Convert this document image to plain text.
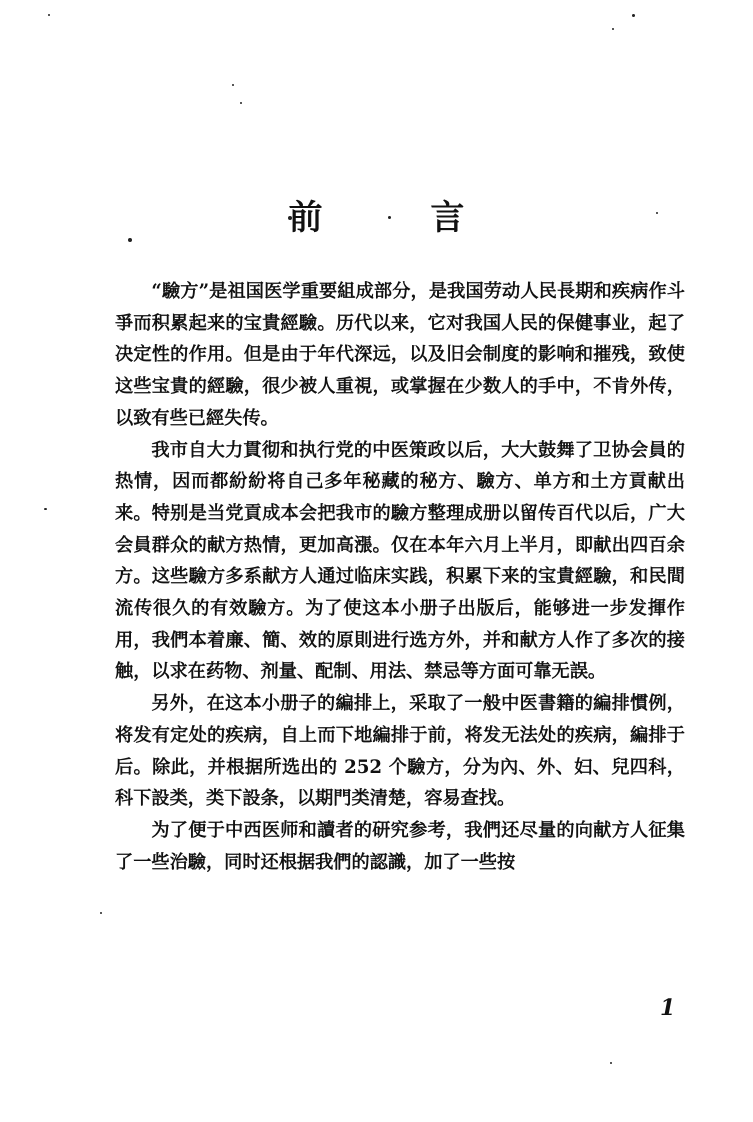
前 言

“驗方”是祖国医学重要組成部分，是我国劳动人民長期和疾病作斗爭而积累起来的宝貴經驗。历代以来，它对我国人民的保健事业，起了决定性的作用。但是由于年代深远，以及旧会制度的影响和摧残，致使这些宝貴的經驗，很少被人重視，或掌握在少数人的手中，不肯外传，以致有些已經失传。

我市自大力貫彻和执行党的中医策政以后，大大鼓舞了卫协会員的热情，因而都紛紛将自己多年秘藏的秘方、驗方、单方和土方貢献出来。特别是当党貢成本会把我市的驗方整理成册以留传百代以后，广大会員群众的献方热情，更加高漲。仅在本年六月上半月，即献出四百余方。这些驗方多系献方人通过临床实践，积累下来的宝貴經驗，和民間流传很久的有效驗方。为了使这本小册子出版后，能够进一步发揮作用，我們本着廉、簡、效的原則进行选方外，并和献方人作了多次的接触，以求在药物、剂量、配制、用法、禁忌等方面可靠无誤。

另外，在这本小册子的編排上，采取了一般中医書籍的編排慣例，将发有定处的疾病，自上而下地編排于前，将发无法处的疾病，編排于后。除此，并根据所选出的 252 个驗方，分为內、外、妇、兒四科，科下設类，类下設条，以期門类清楚，容易查找。

为了便于中西医师和讀者的研究参考，我們还尽量的向献方人征集了一些治驗，同时还根据我們的認識，加了一些按

1
